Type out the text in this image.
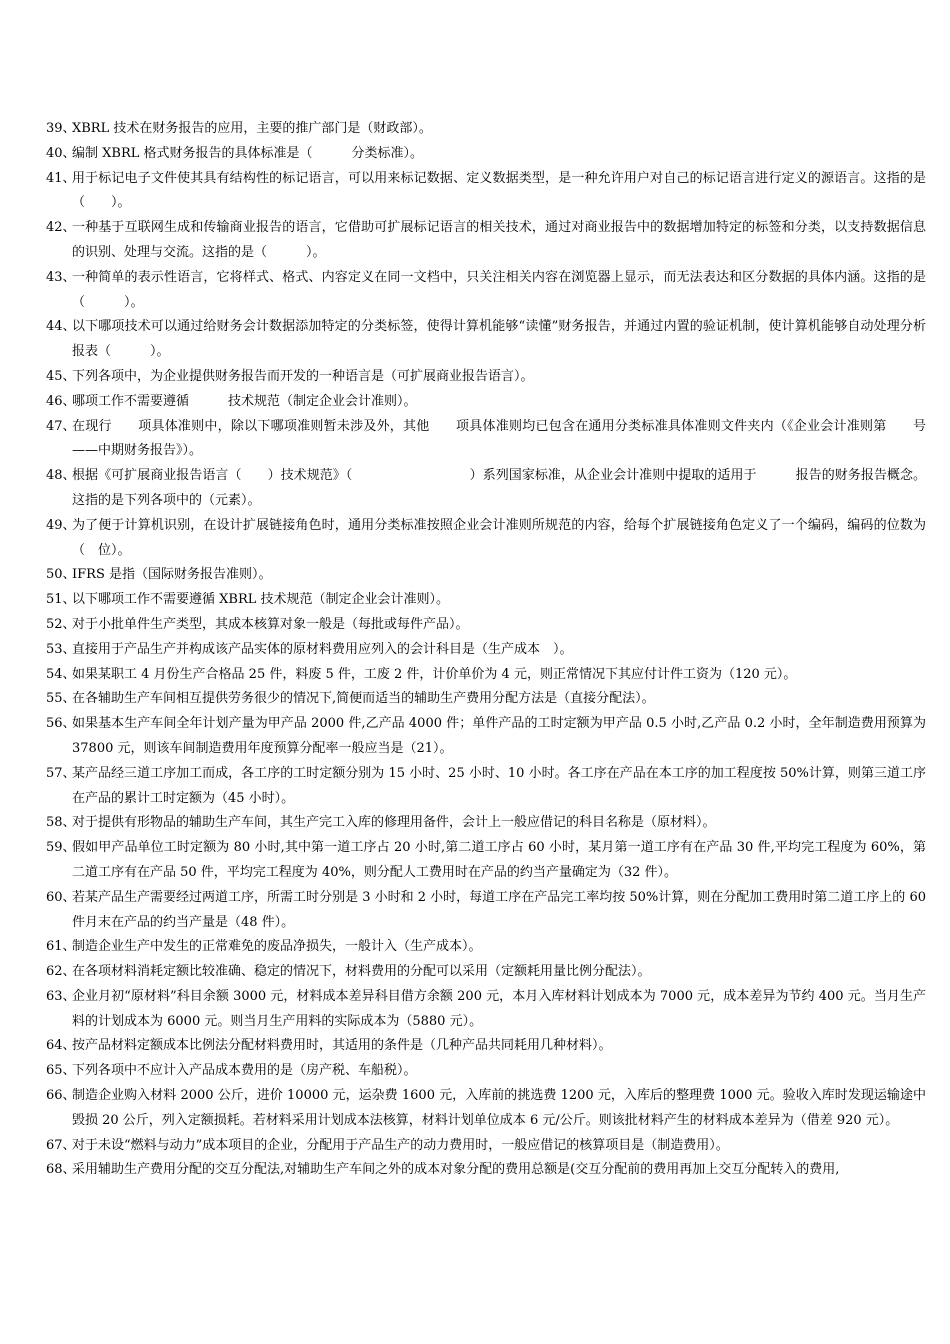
39、
XBRL 技术在财务报告的应用，主要的推广部门是（财政部）。
40、
编制 XBRL 格式财务报告的具体标准是（　　　分类标准）。
41、
用于标记电子文件使其具有结构性的标记语言，可以用来标记数据、定义数据类型，是一种允许用户对自己的标记语言进行定义的源语言。这指的是（　　）。
42、
一种基于互联网生成和传输商业报告的语言，它借助可扩展标记语言的相关技术，通过对商业报告中的数据增加特定的标签和分类，以支持数据信息的识别、处理与交流。这指的是（　　　）。
43、
一种简单的表示性语言，它将样式、格式、内容定义在同一文档中，只关注相关内容在浏览器上显示，而无法表达和区分数据的具体内涵。这指的是（　　　）。
44、
以下哪项技术可以通过给财务会计数据添加特定的分类标签，使得计算机能够“读懂”财务报告，并通过内置的验证机制，使计算机能够自动处理分析报表（　　　）。
45、
下列各项中，为企业提供财务报告而开发的一种语言是（可扩展商业报告语言）。
46、
哪项工作不需要遵循　　　技术规范（制定企业会计准则）。
47、
在现行　　项具体准则中，除以下哪项准则暂未涉及外，其他　　项具体准则均已包含在通用分类标准具体准则文件夹内（《企业会计准则第　　号——中期财务报告》）。
48、
根据《可扩展商业报告语言（　　）技术规范》（　　　　　　　　　）系列国家标准，从企业会计准则中提取的适用于　　　报告的财务报告概念。这指的是下列各项中的（元素）。
49、
为了便于计算机识别，在设计扩展链接角色时，通用分类标准按照企业会计准则所规范的内容，给每个扩展链接角色定义了一个编码，编码的位数为（　位）。
50、
IFRS 是指（国际财务报告准则）。
51、
以下哪项工作不需要遵循 XBRL 技术规范（制定企业会计准则）。
52、
对于小批单件生产类型，其成本核算对象一般是（每批或每件产品）。
53、
直接用于产品生产并构成该产品实体的原材料费用应列入的会计科目是（生产成本　）。
54、
如果某职工 4 月份生产合格品 25 件，料废 5 件，工废 2 件，计价单价为 4 元，则正常情况下其应付计件工资为（120 元）。
55、
在各辅助生产车间相互提供劳务很少的情况下,简便而适当的辅助生产费用分配方法是（直接分配法）。
56、
如果基本生产车间全年计划产量为甲产品 2000 件,乙产品 4000 件；单件产品的工时定额为甲产品 0.5 小时,乙产品 0.2 小时，全年制造费用预算为 37800 元，则该车间制造费用年度预算分配率一般应当是（21）。
57、
某产品经三道工序加工而成，各工序的工时定额分别为 15 小时、25 小时、10 小时。各工序在产品在本工序的加工程度按 50%计算，则第三道工序在产品的累计工时定额为（45 小时）。
58、
对于提供有形物品的辅助生产车间，其生产完工入库的修理用备件，会计上一般应借记的科目名称是（原材料）。
59、
假如甲产品单位工时定额为 80 小时,其中第一道工序占 20 小时,第二道工序占 60 小时，某月第一道工序有在产品 30 件,平均完工程度为 60%，第二道工序有在产品 50 件，平均完工程度为 40%，则分配人工费用时在产品的约当产量确定为（32 件）。
60、
若某产品生产需要经过两道工序，所需工时分别是 3 小时和 2 小时，每道工序在产品完工率均按 50%计算，则在分配加工费用时第二道工序上的 60 件月末在产品的约当产量是（48 件）。
61、
制造企业生产中发生的正常难免的废品净损失，一般计入（生产成本）。
62、
在各项材料消耗定额比较准确、稳定的情况下，材料费用的分配可以采用（定额耗用量比例分配法）。
63、
企业月初“原材料”科目余额 3000 元，材料成本差异科目借方余额 200 元，本月入库材料计划成本为 7000 元，成本差异为节约 400 元。当月生产料的计划成本为 6000 元。则当月生产用料的实际成本为（5880 元）。
64、
按产品材料定额成本比例法分配材料费用时，其适用的条件是（几种产品共同耗用几种材料）。
65、
下列各项中不应计入产品成本费用的是（房产税、车船税）。
66、
制造企业购入材料 2000 公斤，进价 10000 元，运杂费 1600 元，入库前的挑选费 1200 元，入库后的整理费 1000 元。验收入库时发现运输途中毁损 20 公斤，列入定额损耗。若材料采用计划成本法核算，材料计划单位成本 6 元/公斤。则该批材料产生的材料成本差异为（借差 920 元）。
67、
对于未设“燃料与动力”成本项目的企业，分配用于产品生产的动力费用时，一般应借记的核算项目是（制造费用）。
68、
采用辅助生产费用分配的交互分配法,对辅助生产车间之外的成本对象分配的费用总额是(交互分配前的费用再加上交互分配转入的费用,
